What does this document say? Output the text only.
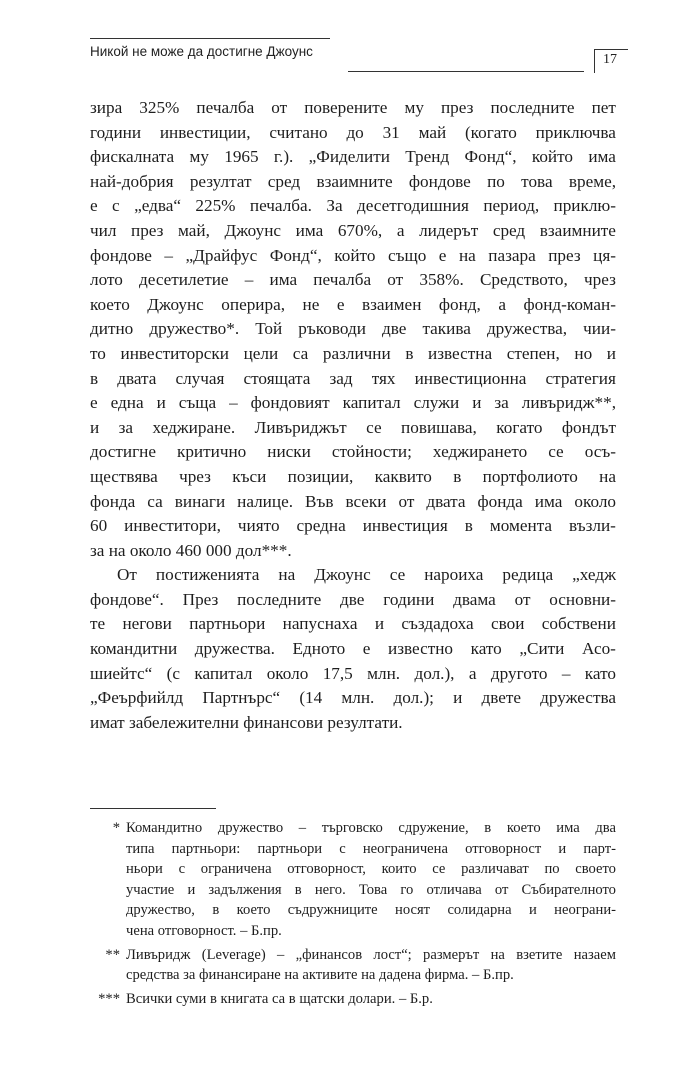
Никой не може да достигне Джоунс
17
зира 325% печалба от поверените му през последните пет
години инвестиции, считано до 31 май (когато приключва
фискалната му 1965 г.). „Фиделити Тренд Фонд“, който има
най-добрия резултат сред взаимните фондове по това време,
е с „едва“ 225% печалба. За десетгодишния период, приклю-
чил през май, Джоунс има 670%, а лидерът сред взаимните
фондове – „Драйфус Фонд“, който също е на пазара през ця-
лото десетилетие – има печалба от 358%. Средството, чрез
което Джоунс оперира, не е взаимен фонд, а фонд-коман-
дитно дружество*. Той ръководи две такива дружества, чии-
то инвеститорски цели са различни в известна степен, но и
в двата случая стоящата зад тях инвестиционна стратегия
е една и съща – фондовият капитал служи и за ливъридж**,
и за хеджиране. Ливъриджът се повишава, когато фондът
достигне критично ниски стойности; хеджирането се осъ-
ществява чрез къси позиции, каквито в портфолиото на
фонда са винаги налице. Във всеки от двата фонда има около
60 инвеститори, чиято средна инвестиция в момента възли-
за на около 460 000 дол***.
От постиженията на Джоунс се нароиха редица „хедж
фондове“. През последните две години двама от основни-
те негови партньори напуснаха и създадоха свои собствени
командитни дружества. Едното е известно като „Сити Асо-
шиейтс“ (с капитал около 17,5 млн. дол.), а другото – като
„Феърфийлд Партнърс“ (14 млн. дол.); и двете дружества
имат забележителни финансови резултати.
* Командитно дружество – търговско сдружение, в което има два
типа партньори: партньори с неограничена отговорност и парт-
ньори с ограничена отговорност, които се различават по своето
участие и задължения в него. Това го отличава от Събирателното
дружество, в което съдружниците носят солидарна и неограни-
чена отговорност. – Б.пр.
** Ливъридж (Leverage) – „финансов лост“; размерът на взетите назаем
средства за финансиране на активите на дадена фирма. – Б.пр.
*** Всички суми в книгата са в щатски долари. – Б.р.
